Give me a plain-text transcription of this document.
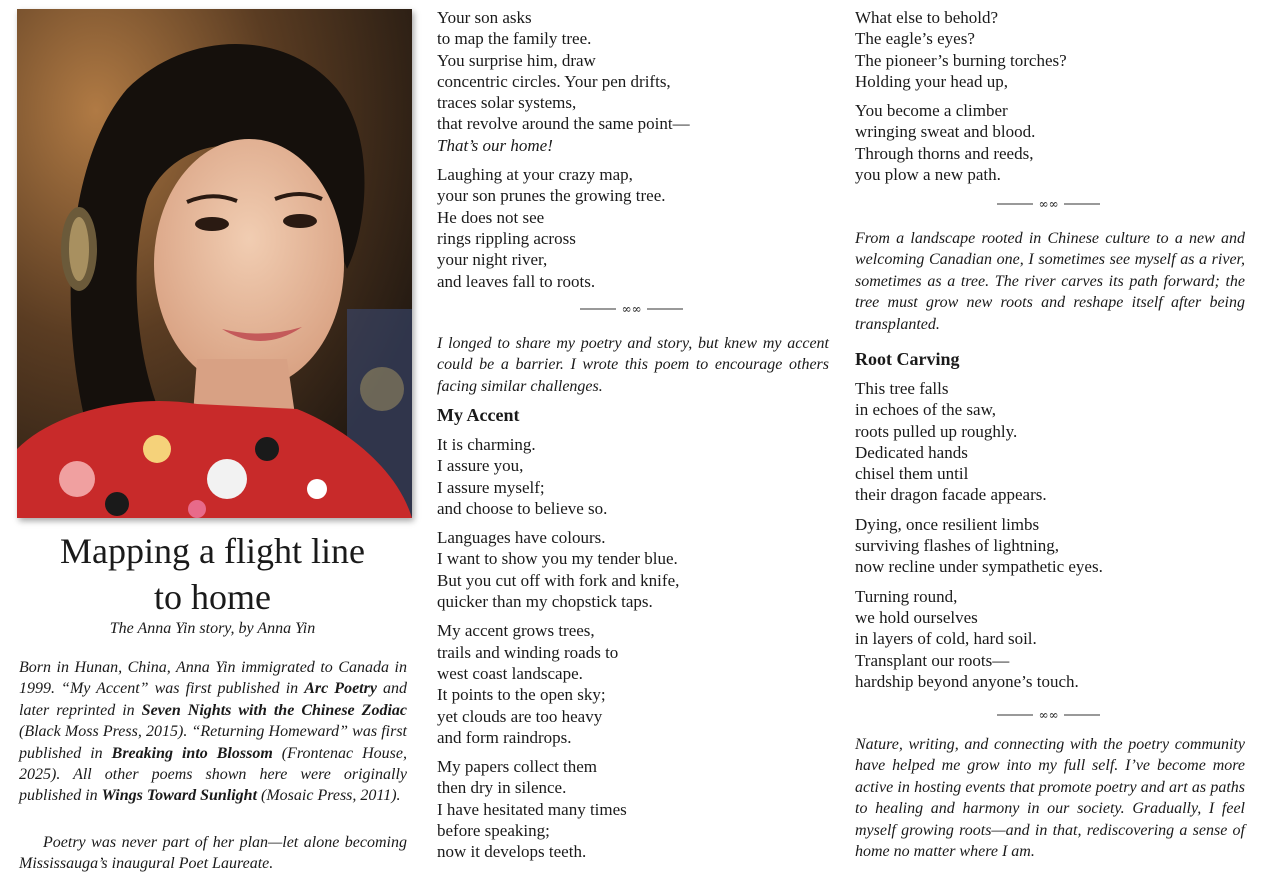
Mapping a flight line
to home
The Anna Yin story, by Anna Yin
Born in Hunan, China, Anna Yin immigrated to Canada in 1999. “My Accent” was first published in Arc Poetry and later reprinted in Seven Nights with the Chinese Zodiac (Black Moss Press, 2015). “Returning Homeward” was first published in Breaking into Blossom (Frontenac House, 2025). All other poems shown here were originally published in Wings Toward Sunlight (Mosaic Press, 2011).
Poetry was never part of her plan—let alone becoming Mississauga’s inaugural Poet Laureate.
Your son asks
to map the family tree.
You surprise him, draw
concentric circles. Your pen drifts,
traces solar systems,
that revolve around the same point—
That’s our home!
Laughing at your crazy map,
your son prunes the growing tree.
He does not see
rings rippling across
your night river,
and leaves fall to roots.
∞∞
I longed to share my poetry and story, but knew my accent could be a barrier. I wrote this poem to encourage others facing similar challenges.
My Accent
It is charming.
I assure you,
I assure myself;
and choose to believe so.
Languages have colours.
I want to show you my tender blue.
But you cut off with fork and knife,
quicker than my chopstick taps.
My accent grows trees,
trails and winding roads to
west coast landscape.
It points to the open sky;
yet clouds are too heavy
and form raindrops.
My papers collect them
then dry in silence.
I have hesitated many times
before speaking;
now it develops teeth.
What else to behold?
The eagle’s eyes?
The pioneer’s burning torches?
Holding your head up,
You become a climber
wringing sweat and blood.
Through thorns and reeds,
you plow a new path.
∞∞
From a landscape rooted in Chinese culture to a new and welcoming Canadian one, I sometimes see myself as a river, sometimes as a tree. The river carves its path forward; the tree must grow new roots and reshape itself after being transplanted.
Root Carving
This tree falls
in echoes of the saw,
roots pulled up roughly.
Dedicated hands
chisel them until
their dragon facade appears.
Dying, once resilient limbs
surviving flashes of lightning,
now recline under sympathetic eyes.
Turning round,
we hold ourselves
in layers of cold, hard soil.
Transplant our roots—
hardship beyond anyone’s touch.
∞∞
Nature, writing, and connecting with the poetry community have helped me grow into my full self. I’ve become more active in hosting events that promote poetry and art as paths to healing and harmony in our society. Gradually, I feel myself growing roots—and in that, rediscovering a sense of home no matter where I am.
